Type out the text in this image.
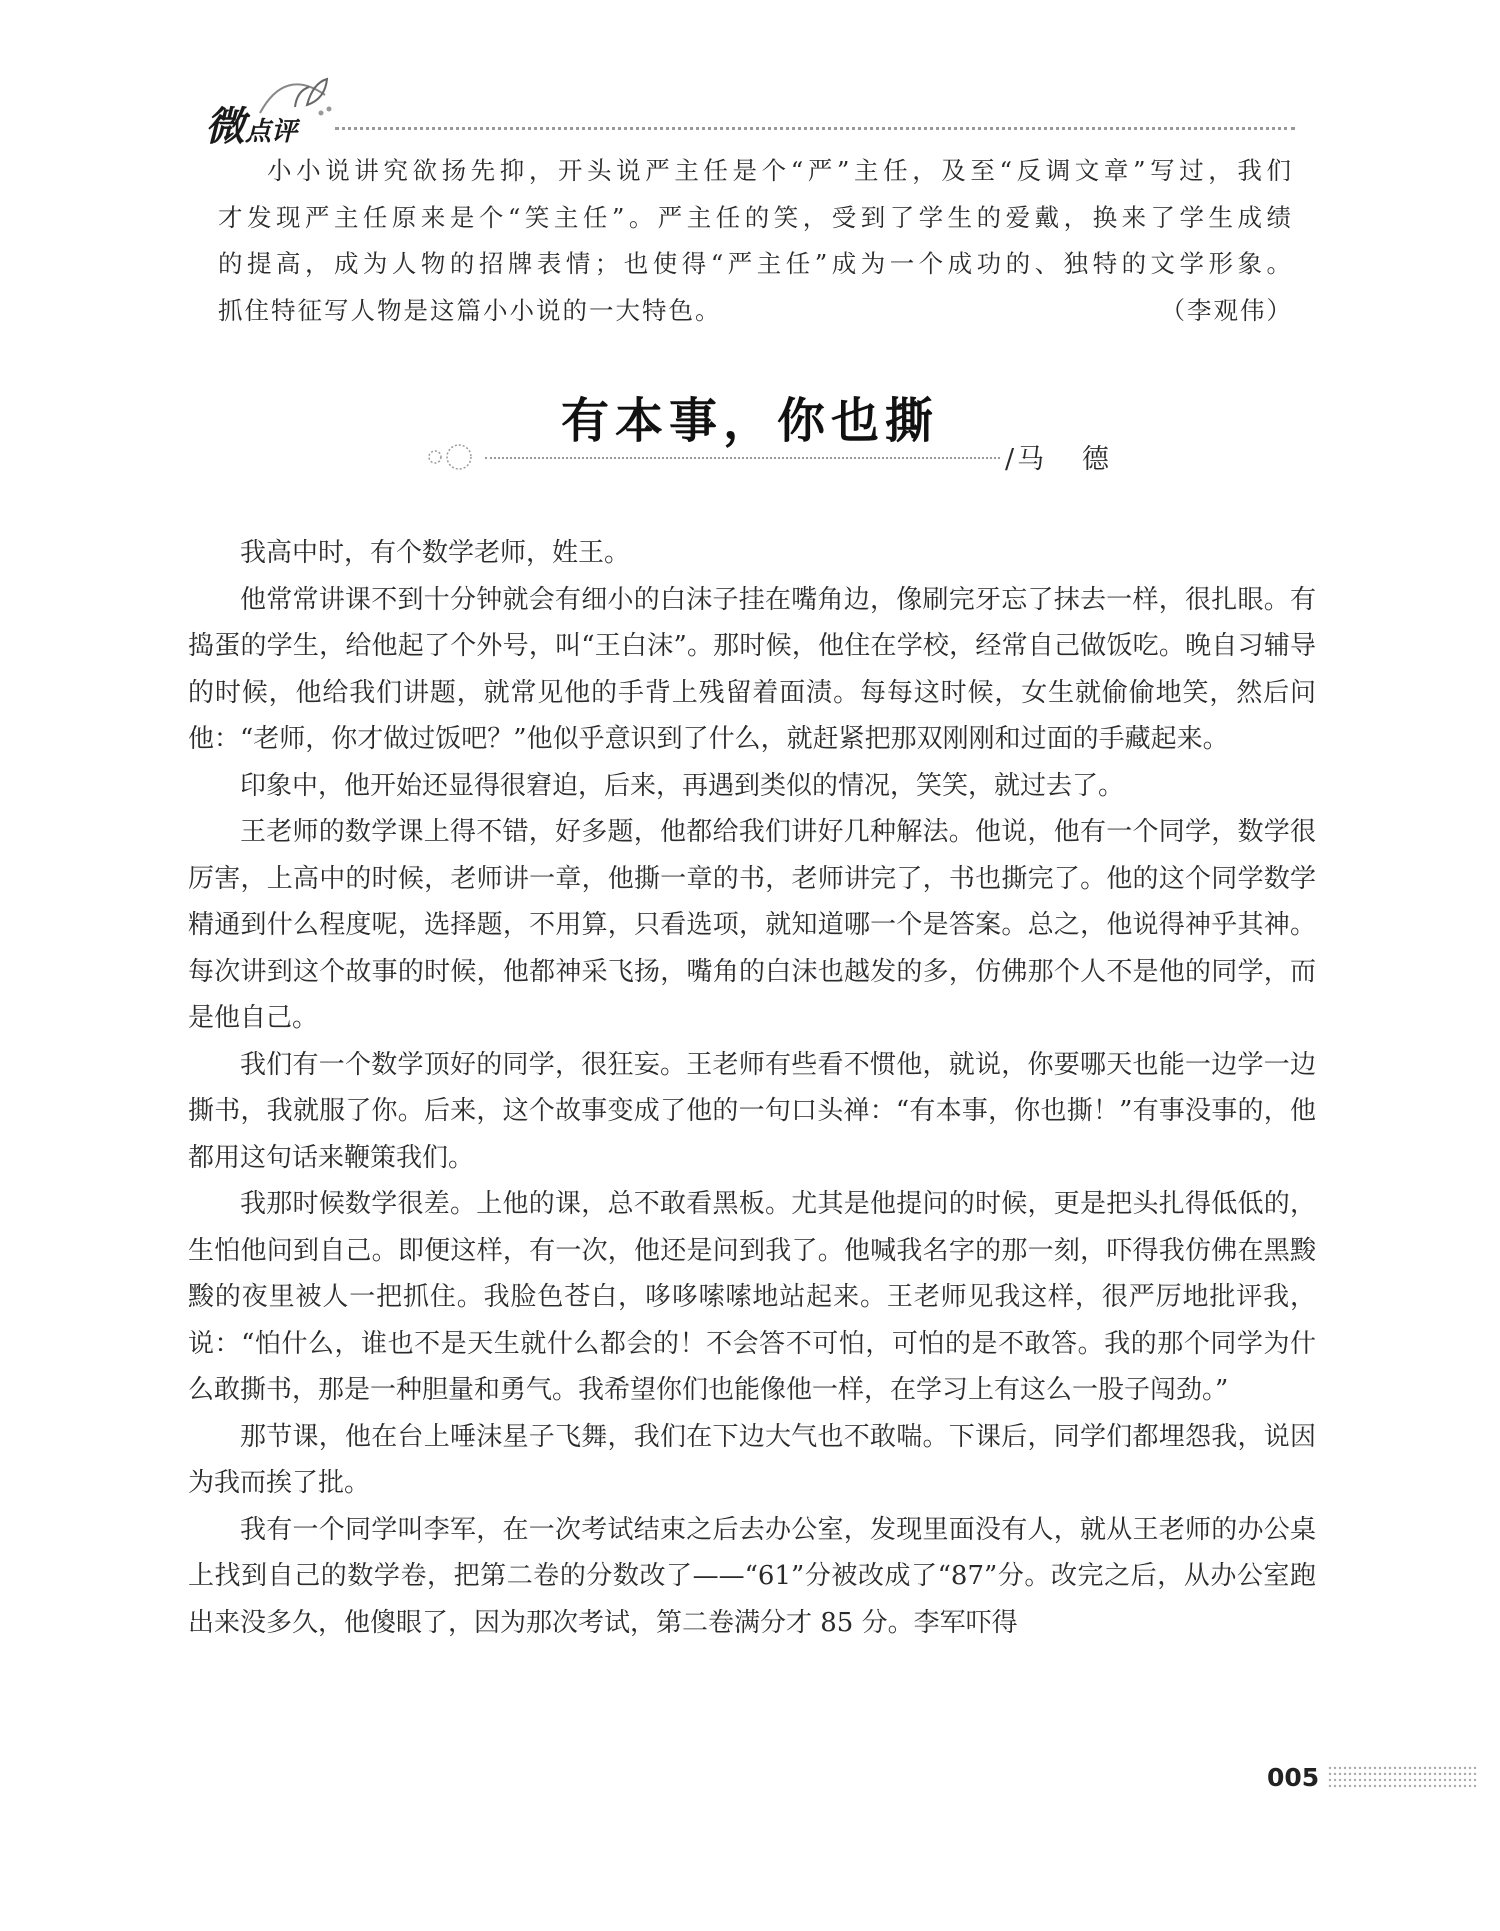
微点评

小小说讲究欲扬先抑，开头说严主任是个“严”主任，及至“反调文章”写过，我们

才发现严主任原来是个“笑主任”。严主任的笑，受到了学生的爱戴，换来了学生成绩

的提高，成为人物的招牌表情；也使得“严主任”成为一个成功的、独特的文学形象。

抓住特征写人物是这篇小小说的一大特色。	（李观伟）

有本事，你也撕
/马   德

我高中时，有个数学老师，姓王。

他常常讲课不到十分钟就会有细小的白沫子挂在嘴角边，像刷完牙忘了抹去一样，很扎眼。有捣蛋的学生，给他起了个外号，叫“王白沫”。那时候，他住在学校，经常自己做饭吃。晚自习辅导的时候，他给我们讲题，就常见他的手背上残留着面渍。每每这时候，女生就偷偷地笑，然后问他：“老师，你才做过饭吧？”他似乎意识到了什么，就赶紧把那双刚刚和过面的手藏起来。

印象中，他开始还显得很窘迫，后来，再遇到类似的情况，笑笑，就过去了。

王老师的数学课上得不错，好多题，他都给我们讲好几种解法。他说，他有一个同学，数学很厉害，上高中的时候，老师讲一章，他撕一章的书，老师讲完了，书也撕完了。他的这个同学数学精通到什么程度呢，选择题，不用算，只看选项，就知道哪一个是答案。总之，他说得神乎其神。每次讲到这个故事的时候，他都神采飞扬，嘴角的白沫也越发的多，仿佛那个人不是他的同学，而是他自己。

我们有一个数学顶好的同学，很狂妄。王老师有些看不惯他，就说，你要哪天也能一边学一边撕书，我就服了你。后来，这个故事变成了他的一句口头禅：“有本事，你也撕！”有事没事的，他都用这句话来鞭策我们。

我那时候数学很差。上他的课，总不敢看黑板。尤其是他提问的时候，更是把头扎得低低的，生怕他问到自己。即便这样，有一次，他还是问到我了。他喊我名字的那一刻，吓得我仿佛在黑黢黢的夜里被人一把抓住。我脸色苍白，哆哆嗦嗦地站起来。王老师见我这样，很严厉地批评我，说：“怕什么，谁也不是天生就什么都会的！不会答不可怕，可怕的是不敢答。我的那个同学为什么敢撕书，那是一种胆量和勇气。我希望你们也能像他一样，在学习上有这么一股子闯劲。”

那节课，他在台上唾沫星子飞舞，我们在下边大气也不敢喘。下课后，同学们都埋怨我，说因为我而挨了批。

我有一个同学叫李军，在一次考试结束之后去办公室，发现里面没有人，就从王老师的办公桌上找到自己的数学卷，把第二卷的分数改了——“61”分被改成了“87”分。改完之后，从办公室跑出来没多久，他傻眼了，因为那次考试，第二卷满分才 85 分。李军吓得

005
